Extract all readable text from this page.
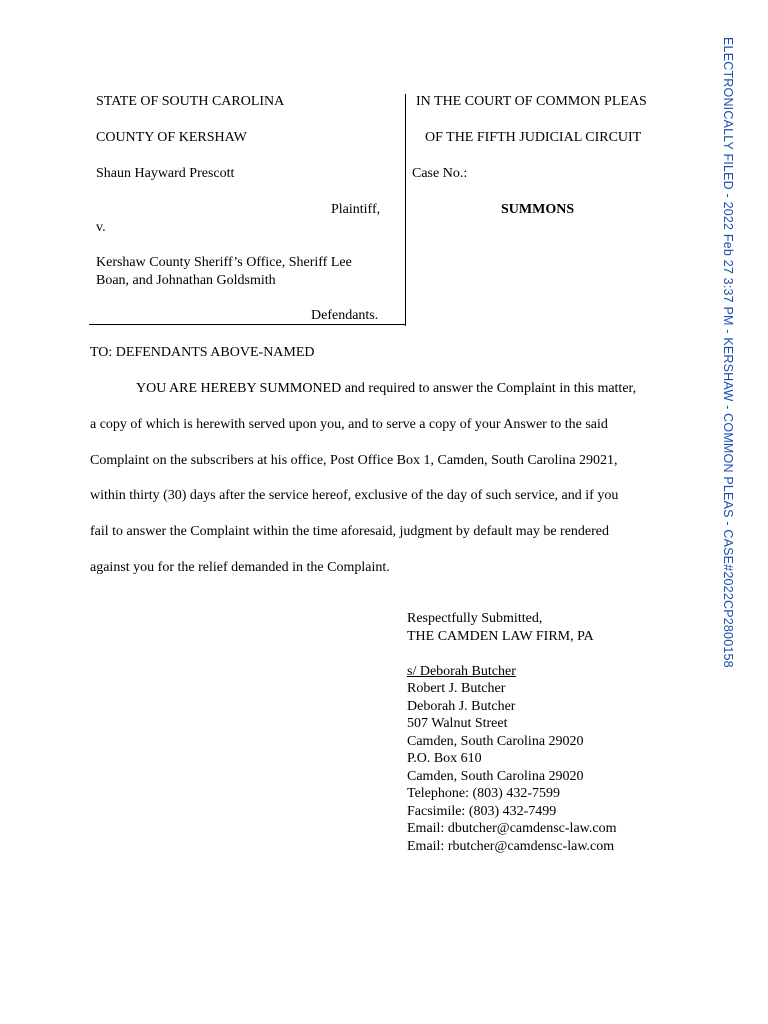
STATE OF SOUTH CAROLINA
COUNTY OF KERSHAW
Shaun Hayward Prescott
Plaintiff,
v.
Kershaw County Sheriff’s Office, Sheriff Lee
Boan, and Johnathan Goldsmith
Defendants.
IN THE COURT OF COMMON PLEAS
OF THE FIFTH JUDICIAL CIRCUIT
Case No.:
SUMMONS
TO: DEFENDANTS ABOVE-NAMED
YOU ARE HEREBY SUMMONED and required to answer the Complaint in this matter,
a copy of which is herewith served upon you, and to serve a copy of your Answer to the said
Complaint on the subscribers at his office, Post Office Box 1, Camden, South Carolina 29021,
within thirty (30) days after the service hereof, exclusive of the day of such service, and if you
fail to answer the Complaint within the time aforesaid, judgment by default may be rendered
against you for the relief demanded in the Complaint.
Respectfully Submitted,
THE CAMDEN LAW FIRM, PA
s/ Deborah Butcher
Robert J. Butcher
Deborah J. Butcher
507 Walnut Street
Camden, South Carolina 29020
P.O. Box 610
Camden, South Carolina 29020
Telephone: (803) 432-7599
Facsimile: (803) 432-7499
Email: dbutcher@camdensc-law.com
Email: rbutcher@camdensc-law.com
ELECTRONICALLY FILED - 2022 Feb 27 3:37 PM - KERSHAW - COMMON PLEAS - CASE#2022CP2800158
